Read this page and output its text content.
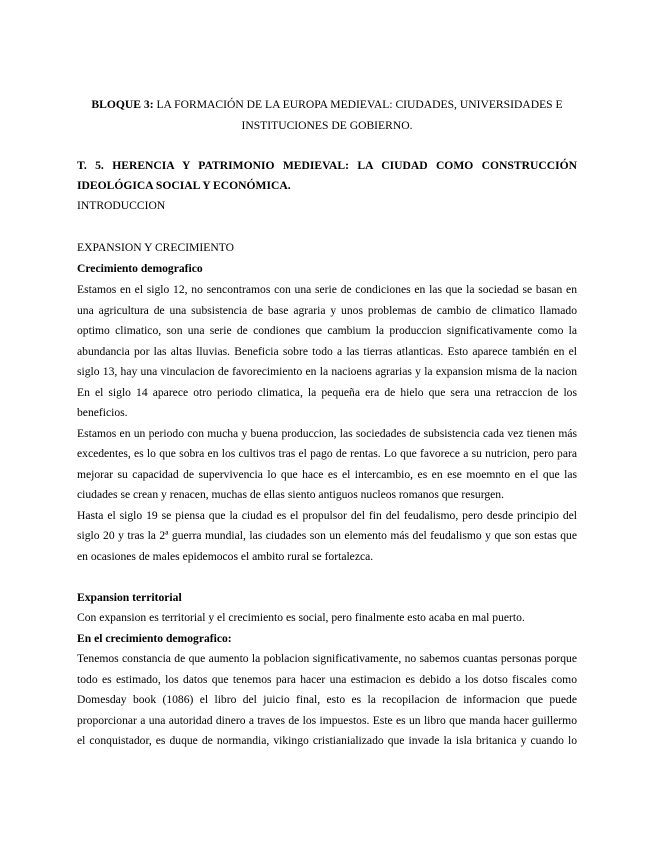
BLOQUE 3: LA FORMACIÓN DE LA EUROPA MEDIEVAL: CIUDADES, UNIVERSIDADES E
INSTITUCIONES DE GOBIERNO.
T. 5. HERENCIA Y PATRIMONIO MEDIEVAL: LA CIUDAD COMO CONSTRUCCIÓN
IDEOLÓGICA SOCIAL Y ECONÓMICA.
INTRODUCCION
EXPANSION Y CRECIMIENTO
Crecimiento demografico
Estamos en el siglo 12, no sencontramos con una serie de condiciones en las que la sociedad se basan en
una agricultura de una subsistencia de base agraria y unos problemas de cambio de climatico llamado
optimo climatico, son una serie de condiones que cambium la produccion significativamente como la
abundancia por las altas lluvias. Beneficia sobre todo a las tierras atlanticas. Esto aparece también en el
siglo 13, hay una vinculacion de favorecimiento en la nacioens agrarias y la expansion misma de la nacion
En el siglo 14 aparece otro periodo climatica, la pequeña era de hielo que sera una retraccion de los
beneficios.
Estamos en un periodo con mucha y buena produccion, las sociedades de subsistencia cada vez tienen más
excedentes, es lo que sobra en los cultivos tras el pago de rentas. Lo que favorece a su nutricion, pero para
mejorar su capacidad de supervivencia lo que hace es el intercambio, es en ese moemnto en el que las
ciudades se crean y renacen, muchas de ellas siento antiguos nucleos romanos que resurgen.
Hasta el siglo 19 se piensa que la ciudad es el propulsor del fin del feudalismo, pero desde principio del
siglo 20 y tras la 2ª guerra mundial, las ciudades son un elemento más del feudalismo y que son estas que
en ocasiones de males epidemocos el ambito rural se fortalezca.
Expansion territorial
Con expansion es territorial y el crecimiento es social, pero finalmente esto acaba en mal puerto.
En el crecimiento demografico:
Tenemos constancia de que aumento la poblacion significativamente, no sabemos cuantas personas porque
todo es estimado, los datos que tenemos para hacer una estimacion es debido a los dotso fiscales como
Domesday book (1086) el libro del juicio final, esto es la recopilacion de informacion que puede
proporcionar a una autoridad dinero a traves de los impuestos. Este es un libro que manda hacer guillermo
el conquistador, es duque de normandia, vikingo cristianializado que invade la isla britanica y cuando lo
